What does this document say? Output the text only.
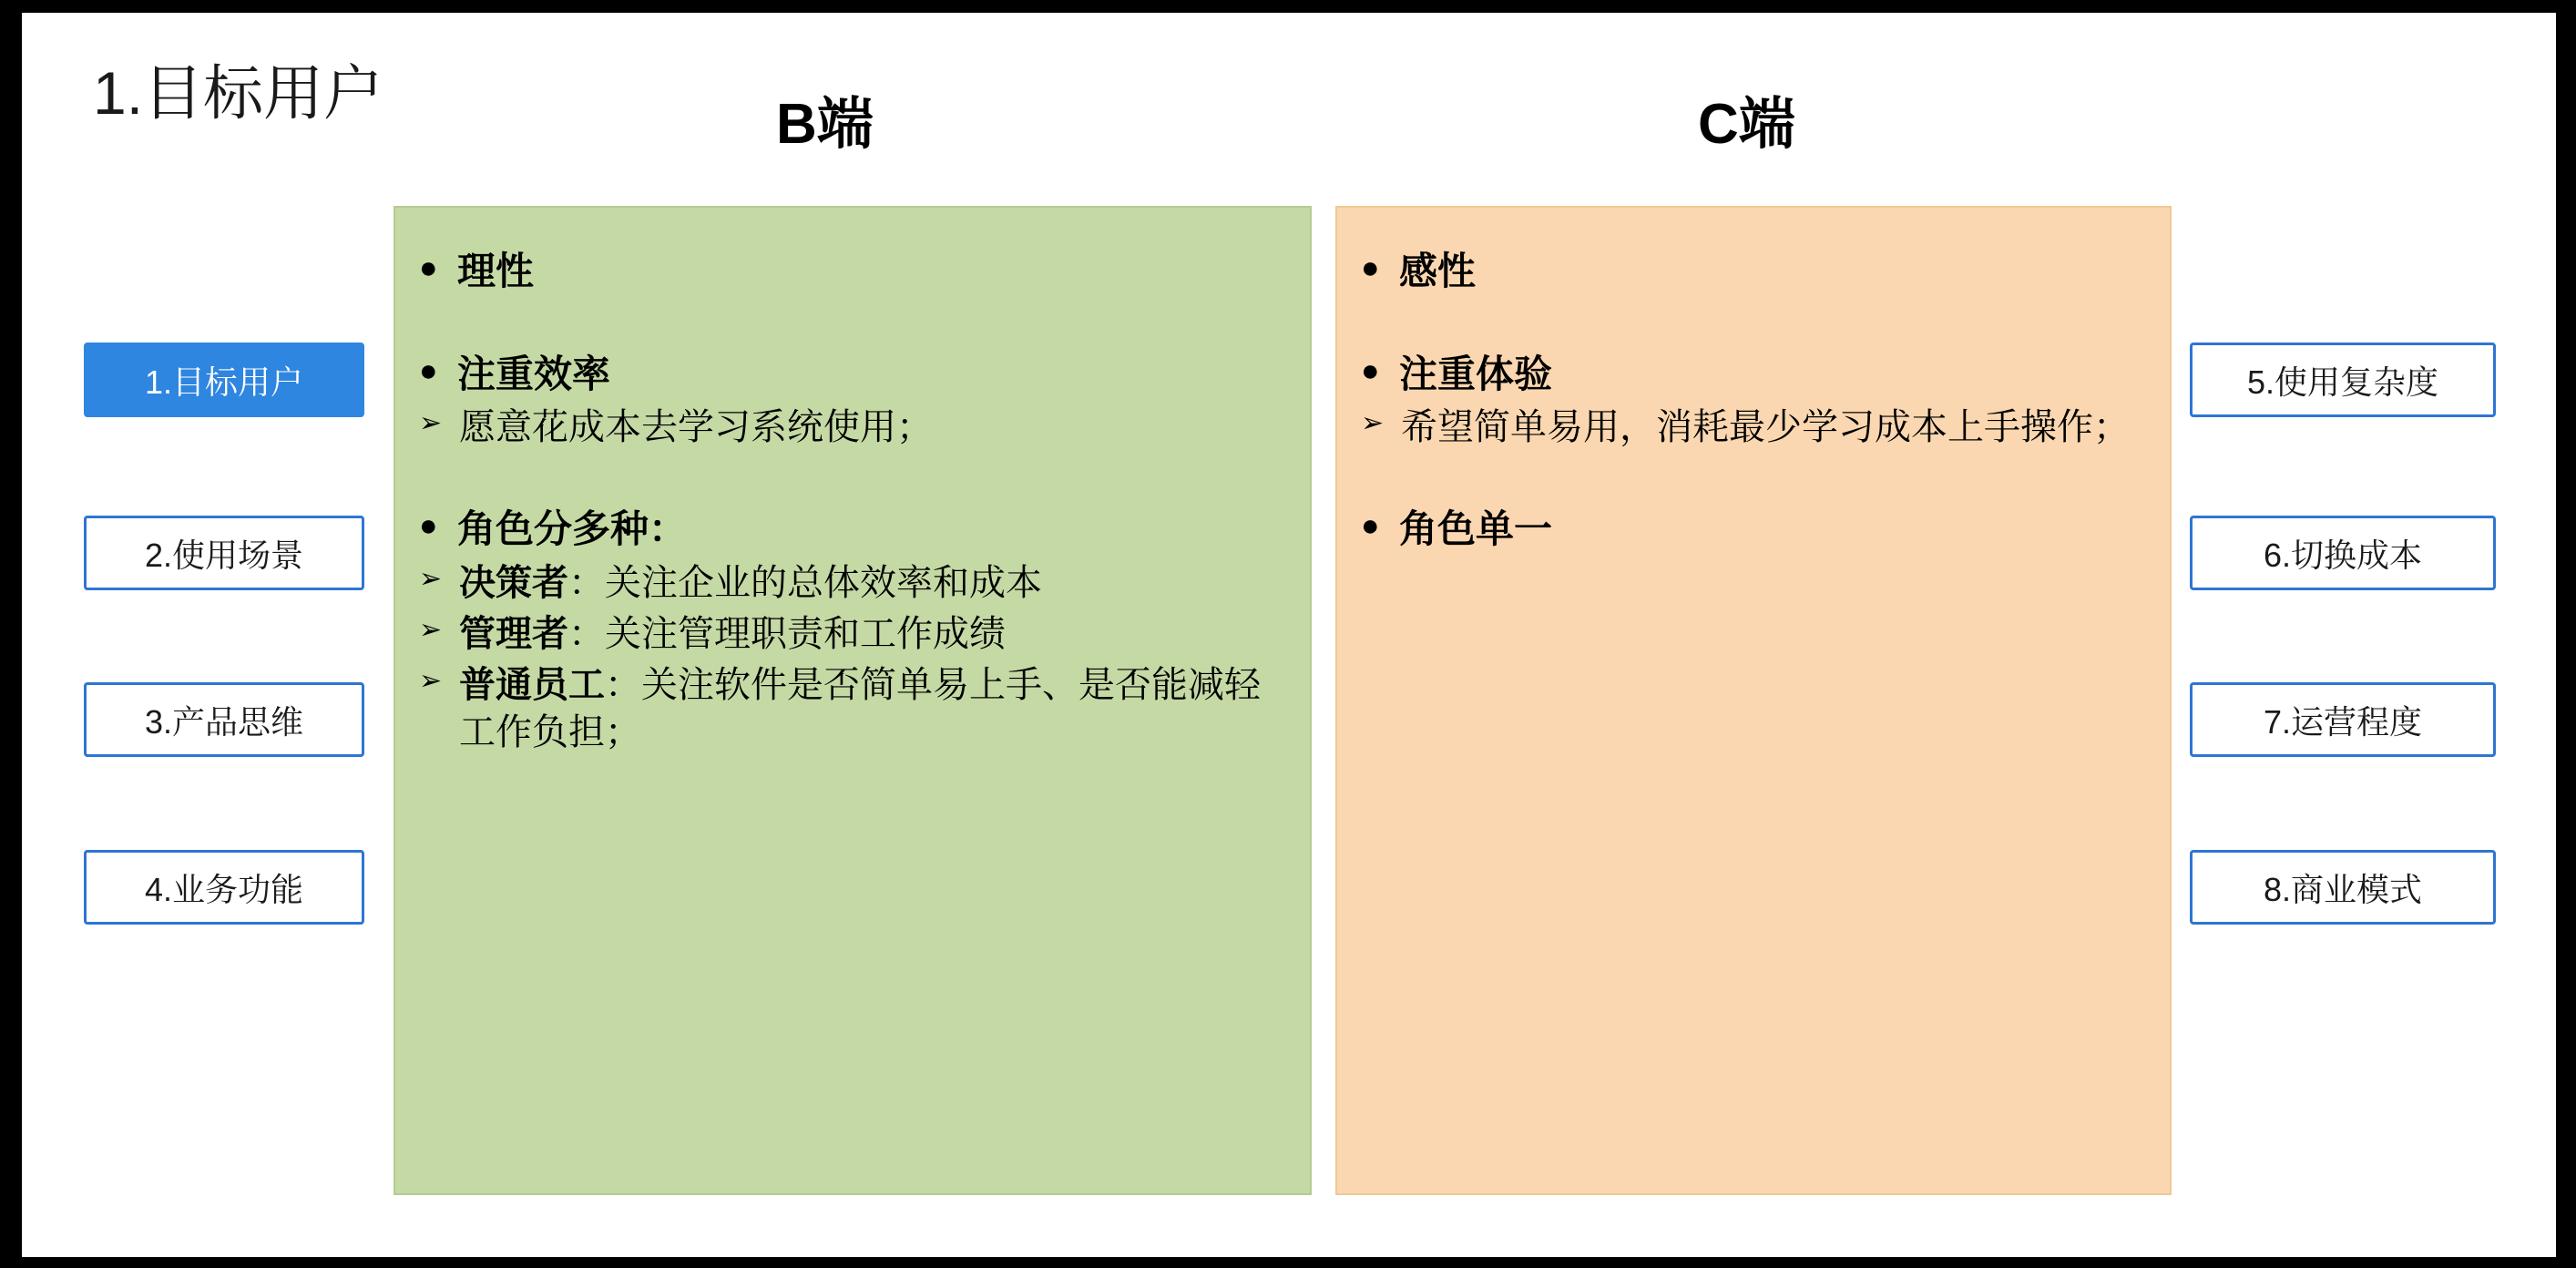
1.目标用户	B端	C端
● 理性
● 注重效率
➢ 愿意花成本去学习系统使用；
● 角色分多种：
➢ 决策者：关注企业的总体效率和成本
➢ 管理者：关注管理职责和工作成绩
➢ 普通员工：关注软件是否简单易上手、是否能减轻工作负担；
● 感性
● 注重体验
➢ 希望简单易用，消耗最少学习成本上手操作；
● 角色单一
1.目标用户
2.使用场景
3.产品思维
4.业务功能
5.使用复杂度
6.切换成本
7.运营程度
8.商业模式
